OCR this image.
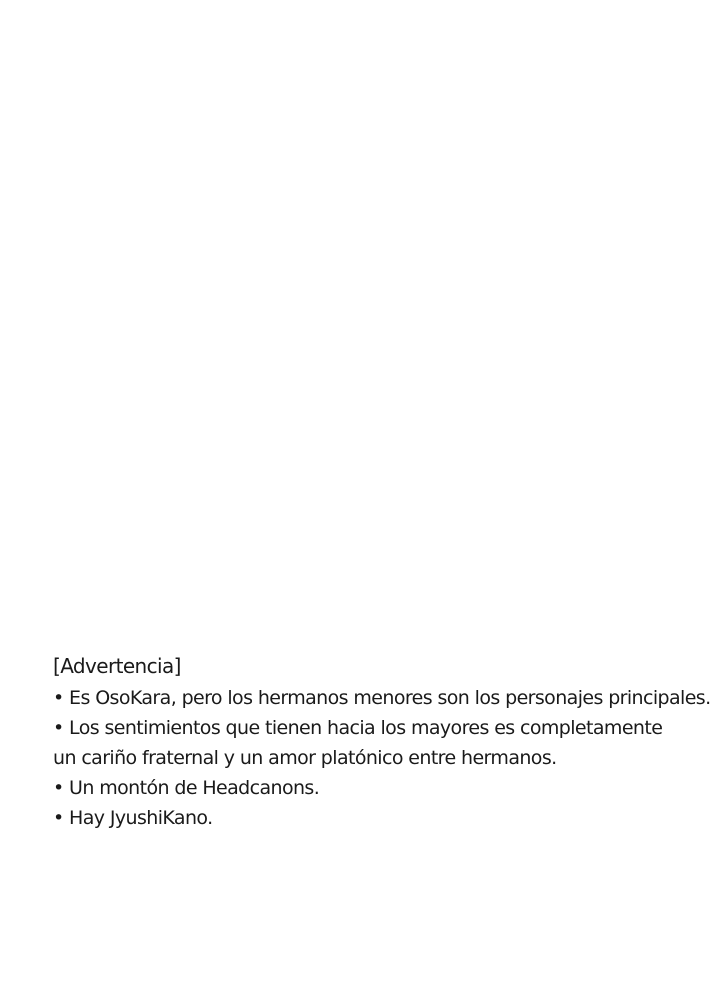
[Advertencia]
• Es OsoKara, pero los hermanos menores son los personajes principales.
• Los sentimientos que tienen hacia los mayores es completamente
un cariño fraternal y un amor platónico entre hermanos.
• Un montón de Headcanons.
• Hay JyushiKano.
